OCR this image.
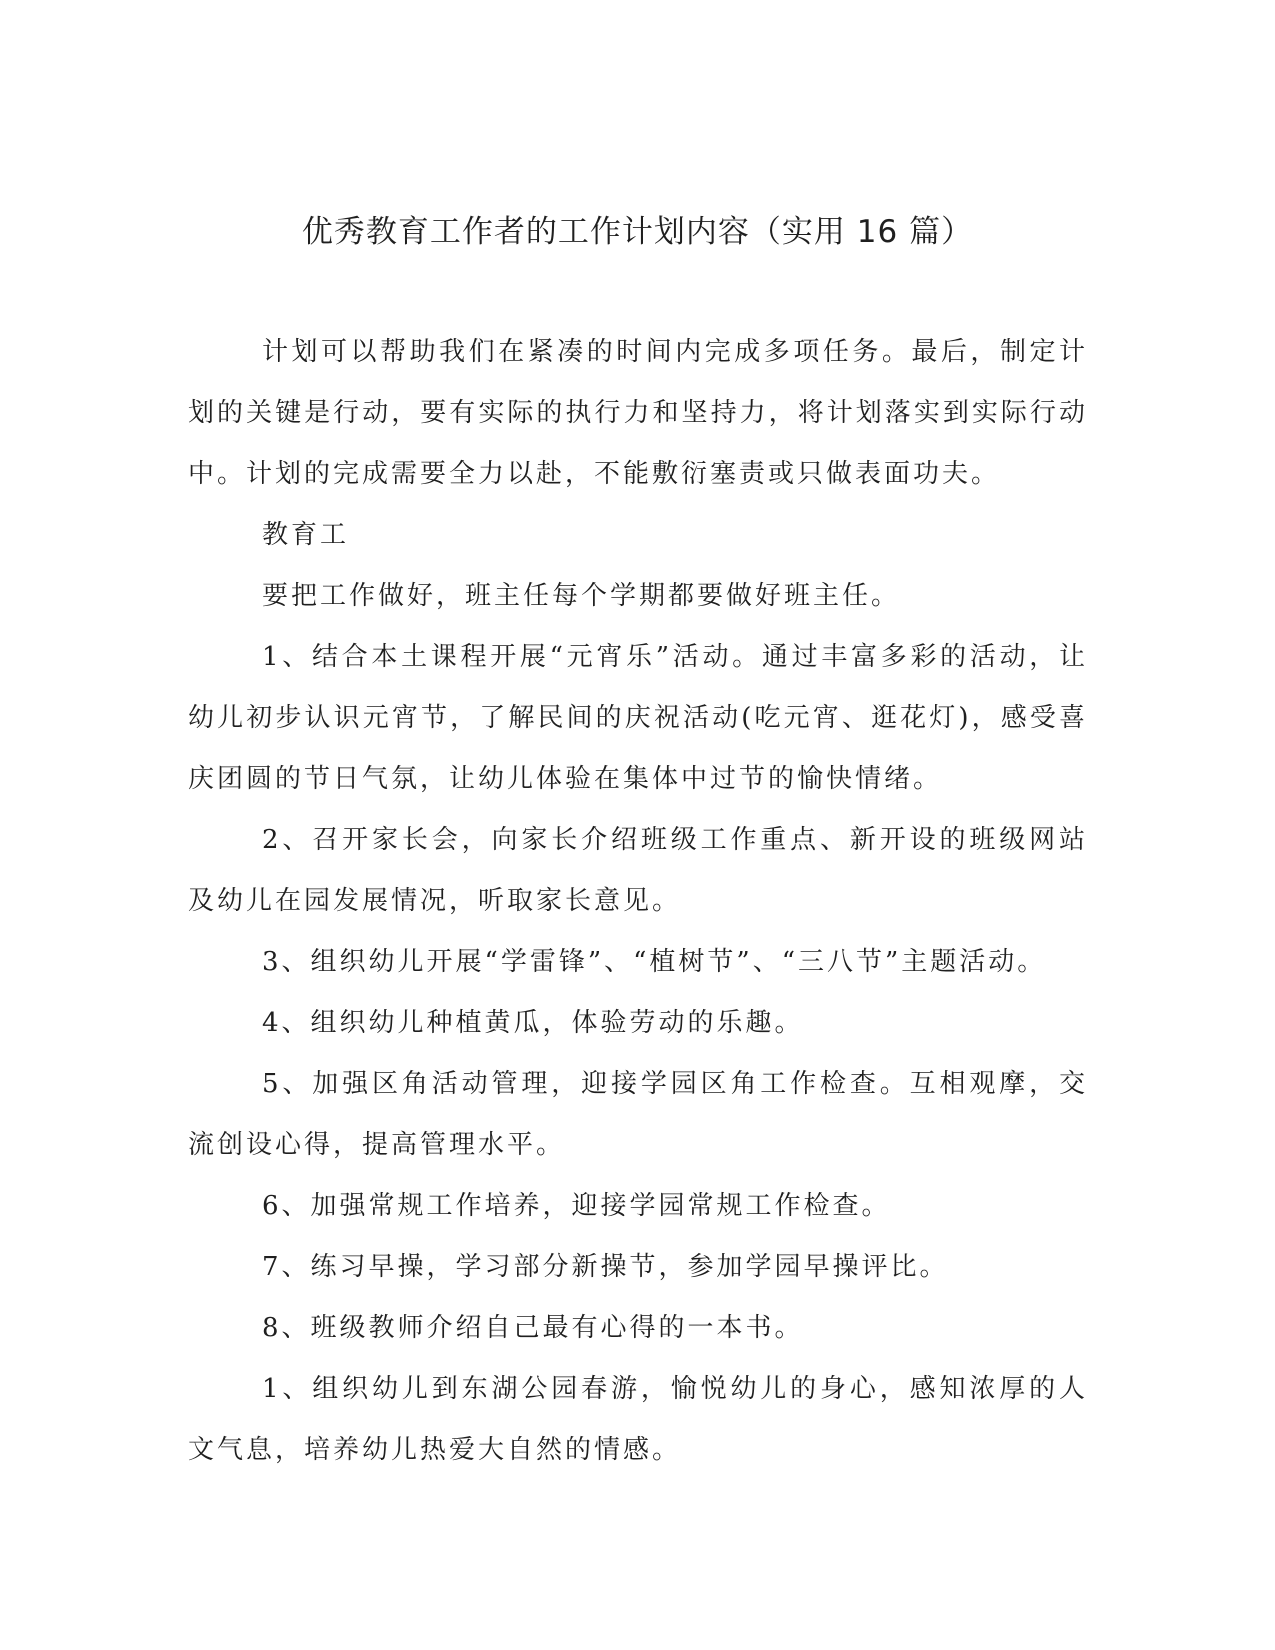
优秀教育工作者的工作计划内容（实用 16 篇）

计划可以帮助我们在紧凑的时间内完成多项任务。最后，制定计划的关键是行动，要有实际的执行力和坚持力，将计划落实到实际行动中。计划的完成需要全力以赴，不能敷衍塞责或只做表面功夫。

教育工

要把工作做好，班主任每个学期都要做好班主任。

1、结合本土课程开展“元宵乐”活动。通过丰富多彩的活动，让幼儿初步认识元宵节，了解民间的庆祝活动(吃元宵、逛花灯)，感受喜庆团圆的节日气氛，让幼儿体验在集体中过节的愉快情绪。

2、召开家长会，向家长介绍班级工作重点、新开设的班级网站及幼儿在园发展情况，听取家长意见。

3、组织幼儿开展“学雷锋”、“植树节”、“三八节”主题活动。

4、组织幼儿种植黄瓜，体验劳动的乐趣。

5、加强区角活动管理，迎接学园区角工作检查。互相观摩，交流创设心得，提高管理水平。

6、加强常规工作培养，迎接学园常规工作检查。

7、练习早操，学习部分新操节，参加学园早操评比。

8、班级教师介绍自己最有心得的一本书。

1、组织幼儿到东湖公园春游，愉悦幼儿的身心，感知浓厚的人文气息，培养幼儿热爱大自然的情感。
